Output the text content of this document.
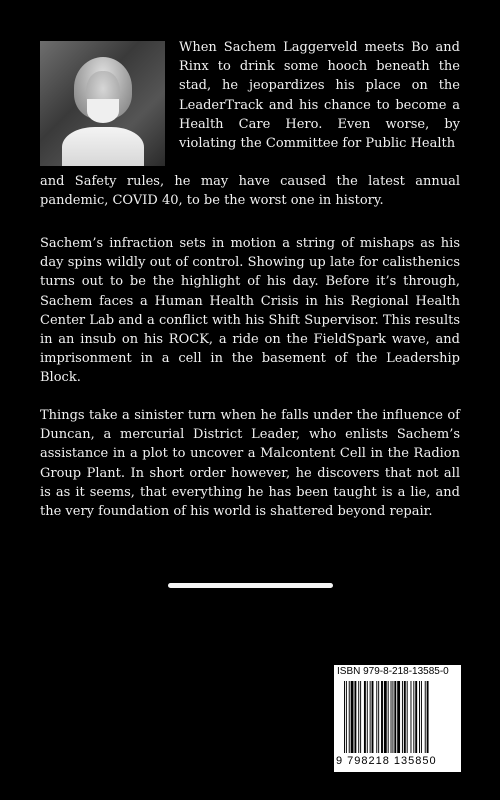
When Sachem Laggerveld meets Bo and Rinx to drink some hooch beneath the stad, he jeopardizes his place on the LeaderTrack and his chance to become a Health Care Hero. Even worse, by violating the Committee for Public Health

and Safety rules, he may have caused the latest annual pandemic, COVID 40, to be the worst one in history.

Sachem’s infraction sets in motion a string of mishaps as his day spins wildly out of control. Showing up late for calisthenics turns out to be the highlight of his day. Before it’s through, Sachem faces a Human Health Crisis in his Regional Health Center Lab and a conflict with his Shift Supervisor. This results in an insub on his ROCK, a ride on the FieldSpark wave, and imprisonment in a cell in the basement of the Leadership Block.

Things take a sinister turn when he falls under the influence of Duncan, a mercurial District Leader, who enlists Sachem’s assistance in a plot to uncover a Malcontent Cell in the Radion Group Plant. In short order however, he discovers that not all is as it seems, that everything he has been taught is a lie, and the very foundation of his world is shattered beyond repair.

ISBN 979-8-218-13585-0
9 798218 135850
